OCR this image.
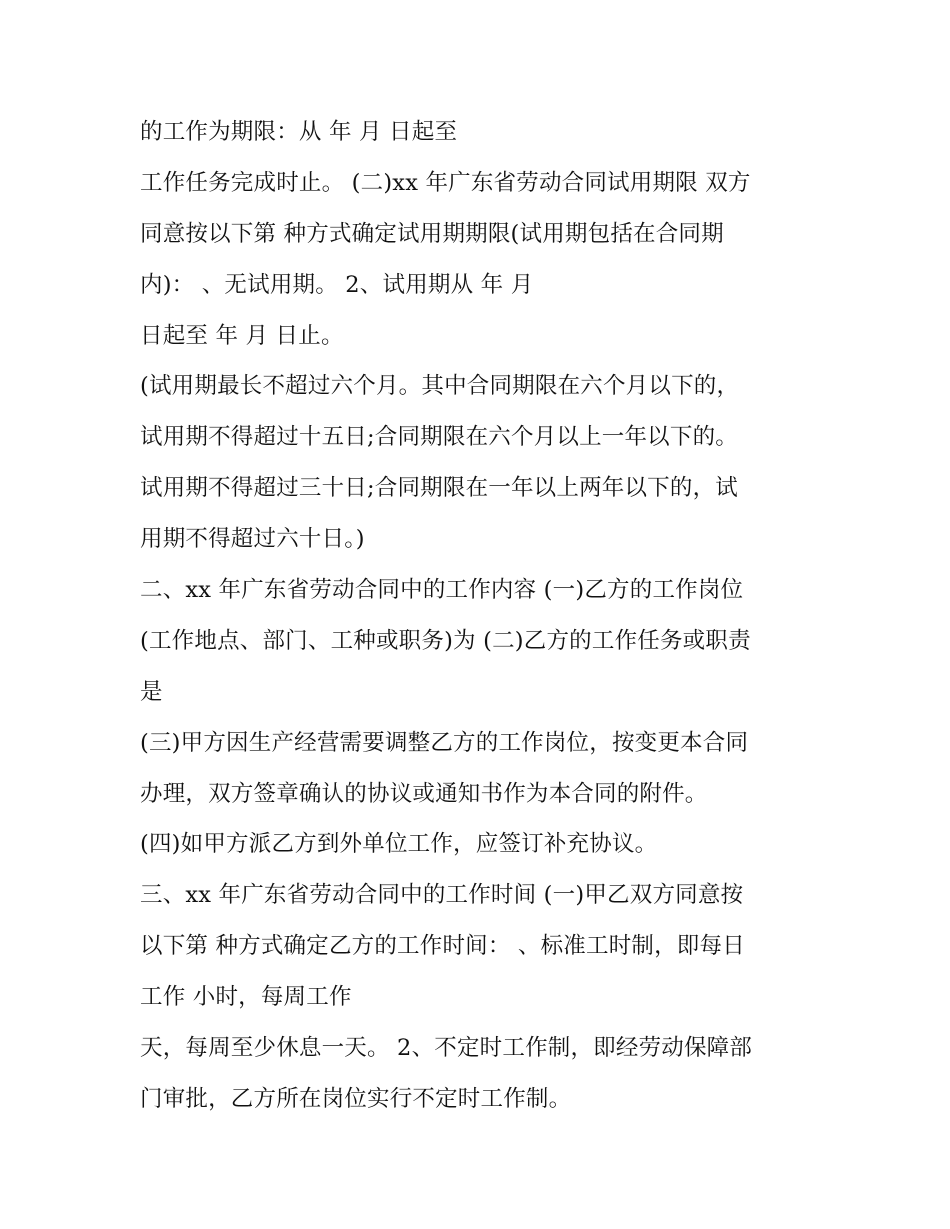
的工作为期限：从 年 月 日起至
工作任务完成时止。 (二)xx 年广东省劳动合同试用期限 双方
同意按以下第 种方式确定试用期期限(试用期包括在合同期
内)： 、无试用期。 2、试用期从 年 月
日起至 年 月 日止。
(试用期最长不超过六个月。其中合同期限在六个月以下的，
试用期不得超过十五日;合同期限在六个月以上一年以下的。
试用期不得超过三十日;合同期限在一年以上两年以下的，试
用期不得超过六十日。)
二、xx 年广东省劳动合同中的工作内容 (一)乙方的工作岗位
(工作地点、部门、工种或职务)为 (二)乙方的工作任务或职责
是
(三)甲方因生产经营需要调整乙方的工作岗位，按变更本合同
办理，双方签章确认的协议或通知书作为本合同的附件。
(四)如甲方派乙方到外单位工作，应签订补充协议。
三、xx 年广东省劳动合同中的工作时间 (一)甲乙双方同意按
以下第 种方式确定乙方的工作时间： 、标准工时制，即每日
工作 小时，每周工作
天，每周至少休息一天。 2、不定时工作制，即经劳动保障部
门审批，乙方所在岗位实行不定时工作制。
